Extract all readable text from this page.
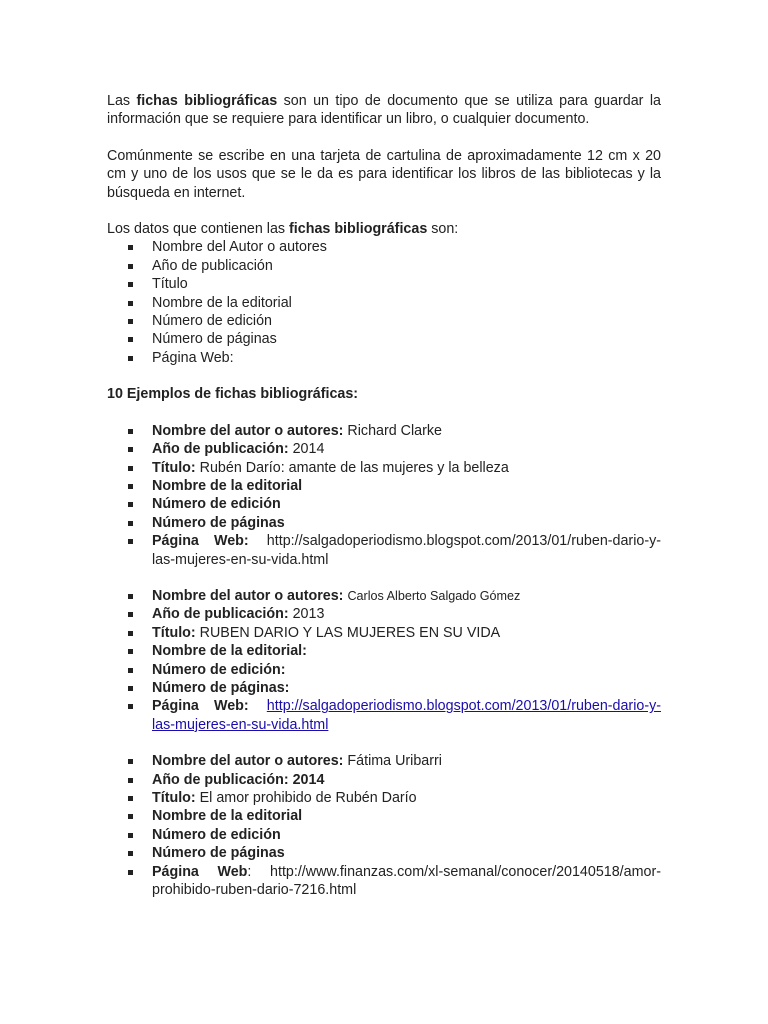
Las fichas bibliográficas son un tipo de documento que se utiliza para guardar la información que se requiere para identificar un libro, o cualquier documento.

Comúnmente se escribe en una tarjeta de cartulina de aproximadamente 12 cm x 20 cm y uno de los usos que se le da es para identificar los libros de las bibliotecas y la búsqueda en internet.

Los datos que contienen las fichas bibliográficas son:

Nombre del Autor o autores
Año de publicación
Título
Nombre de la editorial
Número de edición
Número de páginas
Página Web:

10 Ejemplos de fichas bibliográficas:

Nombre del autor o autores: Richard Clarke
Año de publicación: 2014
Título: Rubén Darío: amante de las mujeres y la belleza
Nombre de la editorial
Número de edición
Número de páginas
Página Web: http://salgadoperiodismo.blogspot.com/2013/01/ruben-dario-y-las-mujeres-en-su-vida.html
Nombre del autor o autores: Carlos Alberto Salgado Gómez
Año de publicación: 2013
Título: RUBEN DARIO Y LAS MUJERES EN SU VIDA
Nombre de la editorial:
Número de edición:
Número de páginas:
Página Web: http://salgadoperiodismo.blogspot.com/2013/01/ruben-dario-y-las-mujeres-en-su-vida.html
Nombre del autor o autores: Fátima Uribarri
Año de publicación: 2014
Título: El amor prohibido de Rubén Darío
Nombre de la editorial
Número de edición
Número de páginas
Página Web: http://www.finanzas.com/xl-semanal/conocer/20140518/amor-prohibido-ruben-dario-7216.html
